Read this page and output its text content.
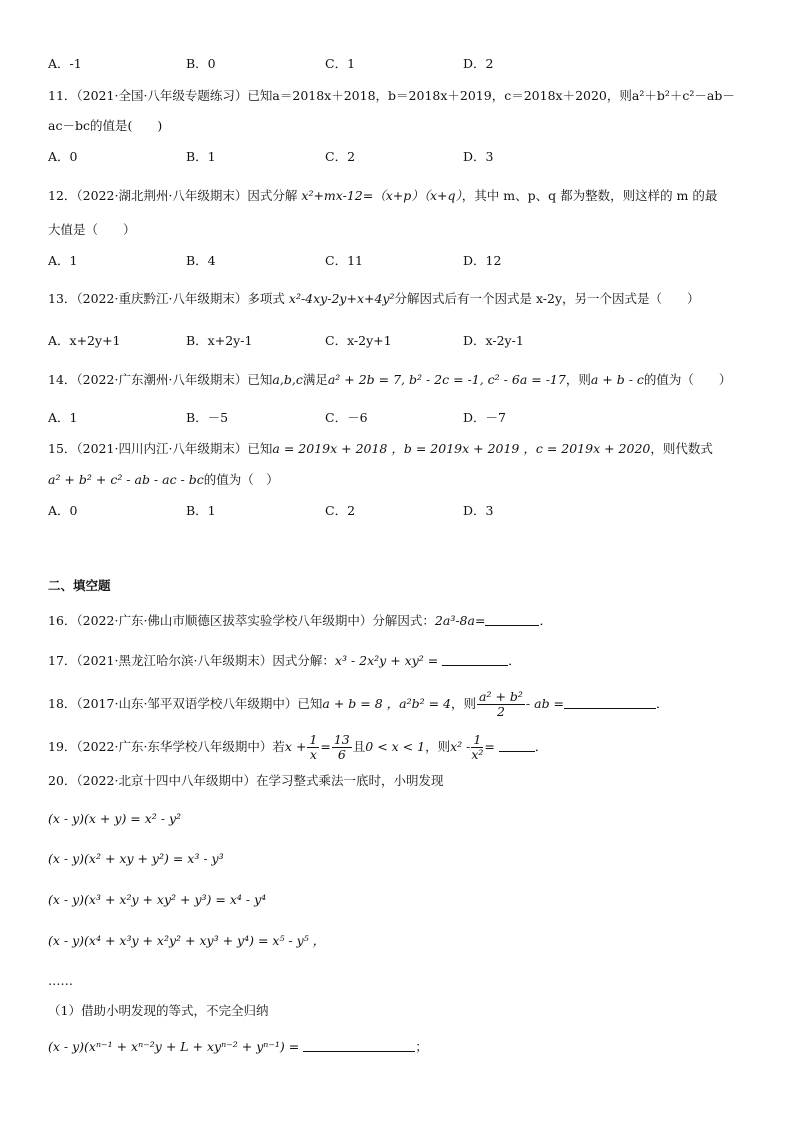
A．-1	B．0	C．1	D．2
11．（2021·全国·八年级专题练习）已知a＝2018x＋2018，b＝2018x＋2019，c＝2018x＋2020，则a²＋b²＋c²－ab－
ac－bc的值是(　　)
A．0	B．1	C．2	D．3
12．（2022·湖北荆州·八年级期末）因式分解 x²+mx-12=（x+p）（x+q），其中 m、p、q 都为整数，则这样的 m 的最
大值是（　　）
A．1	B．4	C．11	D．12
13．（2022·重庆黔江·八年级期末）多项式 x²-4xy-2y+x+4y²分解因式后有一个因式是 x-2y，另一个因式是（　　）
A．x+2y+1	B．x+2y-1	C．x-2y+1	D．x-2y-1
14．（2022·广东潮州·八年级期末）已知a,b,c满足a² + 2b = 7, b² - 2c = -1, c² - 6a = -17，则a + b - c的值为（　　）
A．1	B．－5	C．－6	D．－7
15．（2021·四川内江·八年级期末）已知a = 2019x + 2018 ，b = 2019x + 2019 ，c = 2019x + 2020，则代数式
a² + b² + c² - ab - ac - bc的值为（　）
A．0	B．1	C．2	D．3
二、填空题
16．（2022·广东·佛山市顺德区拔萃实验学校八年级期中）分解因式：2a³-8a=	．
17．（2021·黑龙江哈尔滨·八年级期末）因式分解：x³ - 2x²y + xy² =	．
18．（2017·山东·邹平双语学校八年级期中）已知a + b = 8 ，a²b² = 4，则 $\frac{\text{a² + b²}}{2}$ - ab =	．
19．（2022·广东·东华学校八年级期中）若$x + \frac{1}{x} = \frac{13}{6}$ 且0 < x < 1，则$x^2 - \frac{1}{\text{x²}}$ =	．
20．（2022·北京十四中八年级期中）在学习整式乘法一底时，小明发现
(x - y)(x + y) = x² - y²
(x - y)(x² + xy + y²) = x³ - y³
(x - y)(x³ + x²y + xy² + y³) = x⁴ - y⁴
(x - y)(x⁴ + x³y + x²y² + xy³ + y⁴) = x⁵ - y⁵ ，
……
（1）借助小明发现的等式，不完全归纳
(x - y)(xⁿ⁻¹ + xⁿ⁻²y + L + xyⁿ⁻² + yⁿ⁻¹) =	；
